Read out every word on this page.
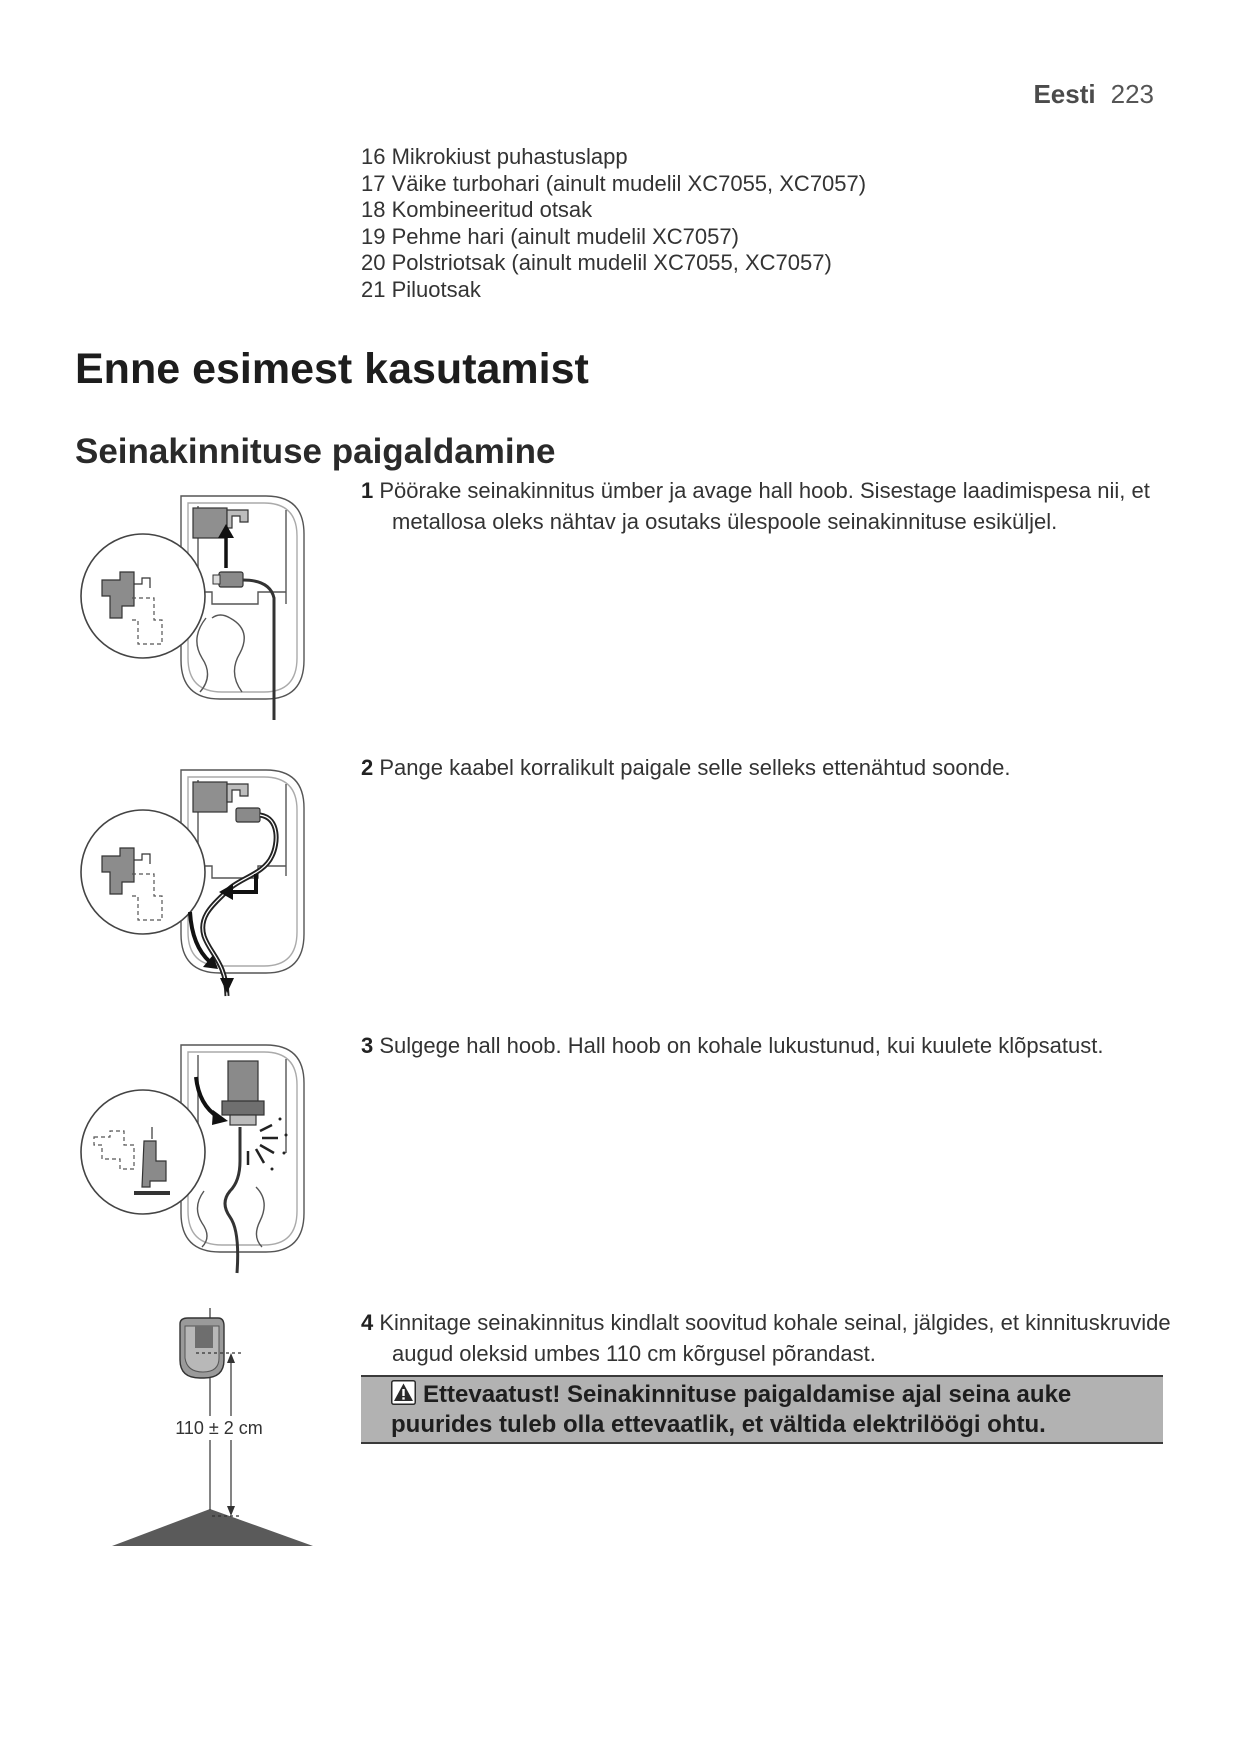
Eesti 223
16 Mikrokiust puhastuslapp
17 Väike turbohari (ainult mudelil XC7055, XC7057)
18 Kombineeritud otsak
19 Pehme hari (ainult mudelil XC7057)
20 Polstriotsak (ainult mudelil XC7055, XC7057)
21 Piluotsak
Enne esimest kasutamist
Seinakinnituse paigaldamine

1 Pöörake seinakinnitus ümber ja avage hall hoob. Sisestage laadimispesa nii, et metallosa oleks nähtav ja osutaks ülespoole seinakinnituse esiküljel.

2 Pange kaabel korralikult paigale selle selleks ettenähtud soonde.

3 Sulgege hall hoob. Hall hoob on kohale lukustunud, kui kuulete klõpsatust.

110 ± 2 cm

4 Kinnitage seinakinnitus kindlalt soovitud kohale seinal, jälgides, et kinnituskruvide augud oleksid umbes 110 cm kõrgusel põrandast.

Ettevaatust! Seinakinnituse paigaldamise ajal seina auke puurides tuleb olla ettevaatlik, et vältida elektrilöögi ohtu.
